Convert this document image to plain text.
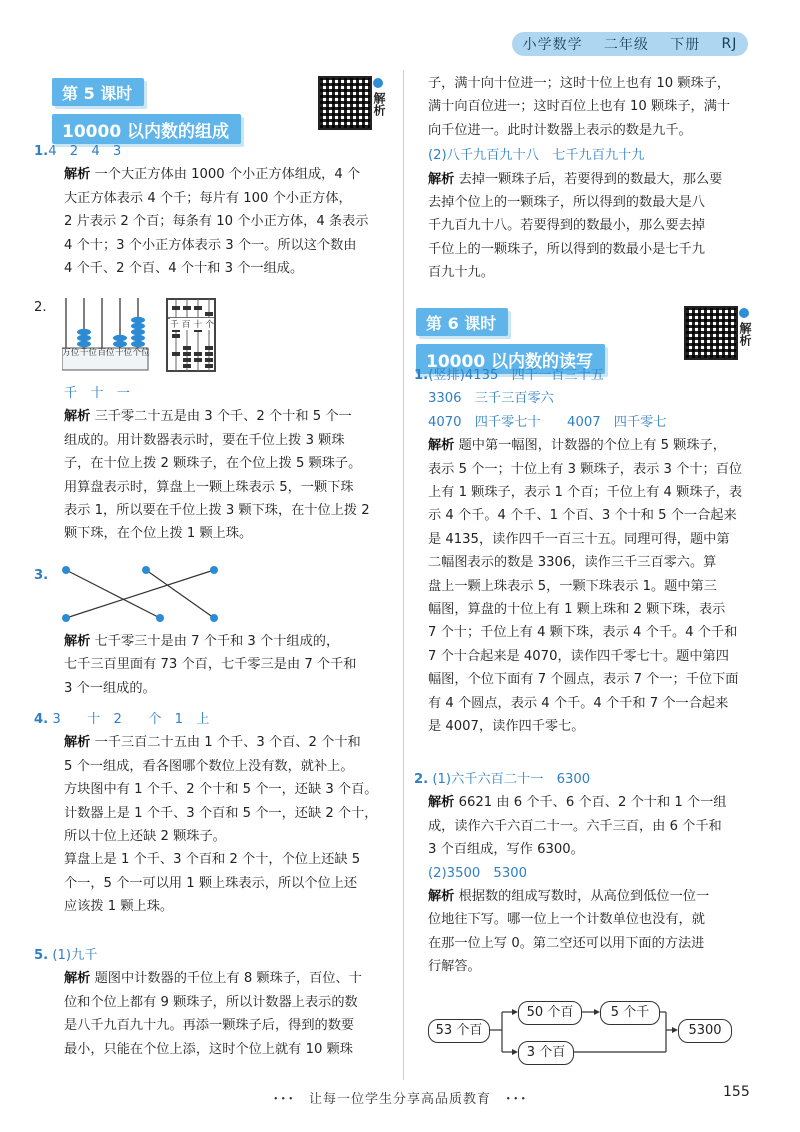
小学数学 二年级 下册 RJ
第 5 课时
10000 以内数的组成
解析

1.4　2　4　3

解析 一个大正方体由 1000 个小正方体组成，4 个

大正方体表示 4 个千；每片有 100 个小正方体，

2 片表示 2 个百；每条有 10 个小正方体，4 条表示

4 个十；3 个小正方体表示 3 个一。所以这个数由

4 个千、2 个百、4 个十和 3 个一组成。

2.
万位 千位 百位 十位 个位
千 百 十 个

千　十　一

解析 三千零二十五是由 3 个千、2 个十和 5 个一

组成的。用计数器表示时，要在千位上拨 3 颗珠

子，在十位上拨 2 颗珠子，在个位上拨 5 颗珠子。

用算盘表示时，算盘上一颗上珠表示 5，一颗下珠

表示 1，所以要在千位上拨 3 颗下珠，在十位上拨 2

颗下珠，在个位上拨 1 颗上珠。

3.

解析 七千零三十是由 7 个千和 3 个十组成的，

七千三百里面有 73 个百，七千零三是由 7 个千和

3 个一组成的。

4. 3　　十　2　　个　1　上

解析 一千三百二十五由 1 个千、3 个百、2 个十和

5 个一组成，看各图哪个数位上没有数，就补上。

方块图中有 1 个千、2 个十和 5 个一，还缺 3 个百。

计数器上是 1 个千、3 个百和 5 个一，还缺 2 个十，

所以十位上还缺 2 颗珠子。

算盘上是 1 个千、3 个百和 2 个十，个位上还缺 5

个一，5 个一可以用 1 颗上珠表示，所以个位上还

应该拨 1 颗上珠。

5. (1)九千

解析 题图中计数器的千位上有 8 颗珠子，百位、十

位和个位上都有 9 颗珠子，所以计数器上表示的数

是八千九百九十九。再添一颗珠子后，得到的数要

最小，只能在个位上添，这时个位上就有 10 颗珠

子，满十向十位进一；这时十位上也有 10 颗珠子，

满十向百位进一；这时百位上也有 10 颗珠子，满十

向千位进一。此时计数器上表示的数是九千。

(2)八千九百九十八　七千九百九十九

解析 去掉一颗珠子后，若要得到的数最大，那么要

去掉个位上的一颗珠子，所以得到的数最大是八

千九百九十八。若要得到的数最小，那么要去掉

千位上的一颗珠子，所以得到的数最小是七千九

百九十九。

第 6 课时
10000 以内数的读写
解析

1.(竖排)4135　四千一百三十五

3306　三千三百零六

4070　四千零七十　　4007　四千零七

解析 题中第一幅图，计数器的个位上有 5 颗珠子，

表示 5 个一；十位上有 3 颗珠子，表示 3 个十；百位

上有 1 颗珠子，表示 1 个百；千位上有 4 颗珠子，表

示 4 个千。4 个千、1 个百、3 个十和 5 个一合起来

是 4135，读作四千一百三十五。同理可得，题中第

二幅图表示的数是 3306，读作三千三百零六。算

盘上一颗上珠表示 5，一颗下珠表示 1。题中第三

幅图，算盘的十位上有 1 颗上珠和 2 颗下珠，表示

7 个十；千位上有 4 颗下珠，表示 4 个千。4 个千和

7 个十合起来是 4070，读作四千零七十。题中第四

幅图，个位下面有 7 个圆点，表示 7 个一；千位下面

有 4 个圆点，表示 4 个千。4 个千和 7 个一合起来

是 4007，读作四千零七。

2. (1)六千六百二十一　6300

解析 6621 由 6 个千、6 个百、2 个十和 1 个一组

成，读作六千六百二十一。六千三百，由 6 个千和

3 个百组成，写作 6300。

(2)3500　5300

解析 根据数的组成写数时，从高位到低位一位一

位地往下写。哪一位上一个计数单位也没有，就

在那一位上写 0。第二空还可以用下面的方法进

行解答。

53 个百
50 个百	5 个千
3 个百
5300
･･･　让每一位学生分享高品质教育　･･･	155
